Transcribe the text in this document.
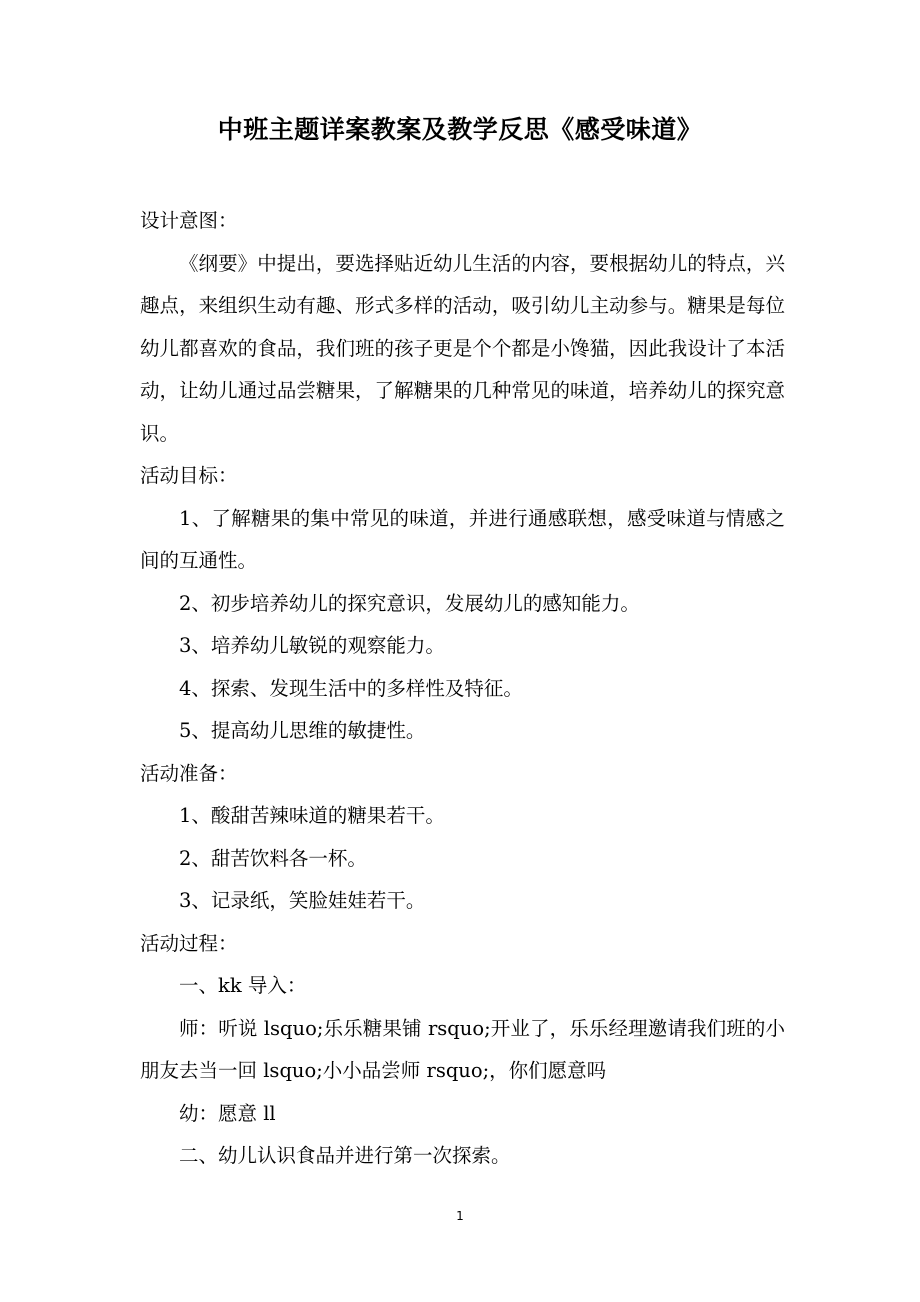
中班主题详案教案及教学反思《感受味道》

设计意图：

《纲要》中提出，要选择贴近幼儿生活的内容，要根据幼儿的特点，兴趣点，来组织生动有趣、形式多样的活动，吸引幼儿主动参与。糖果是每位幼儿都喜欢的食品，我们班的孩子更是个个都是小馋猫，因此我设计了本活动，让幼儿通过品尝糖果，了解糖果的几种常见的味道，培养幼儿的探究意识。

活动目标：

1、了解糖果的集中常见的味道，并进行通感联想，感受味道与情感之间的互通性。

2、初步培养幼儿的探究意识，发展幼儿的感知能力。

3、培养幼儿敏锐的观察能力。

4、探索、发现生活中的多样性及特征。

5、提高幼儿思维的敏捷性。

活动准备：

1、酸甜苦辣味道的糖果若干。

2、甜苦饮料各一杯。

3、记录纸，笑脸娃娃若干。

活动过程：

一、kk 导入：

师：听说 lsquo;乐乐糖果铺 rsquo;开业了，乐乐经理邀请我们班的小朋友去当一回 lsquo;小小品尝师 rsquo;，你们愿意吗

幼：愿意 ll

二、幼儿认识食品并进行第一次探索。

1
